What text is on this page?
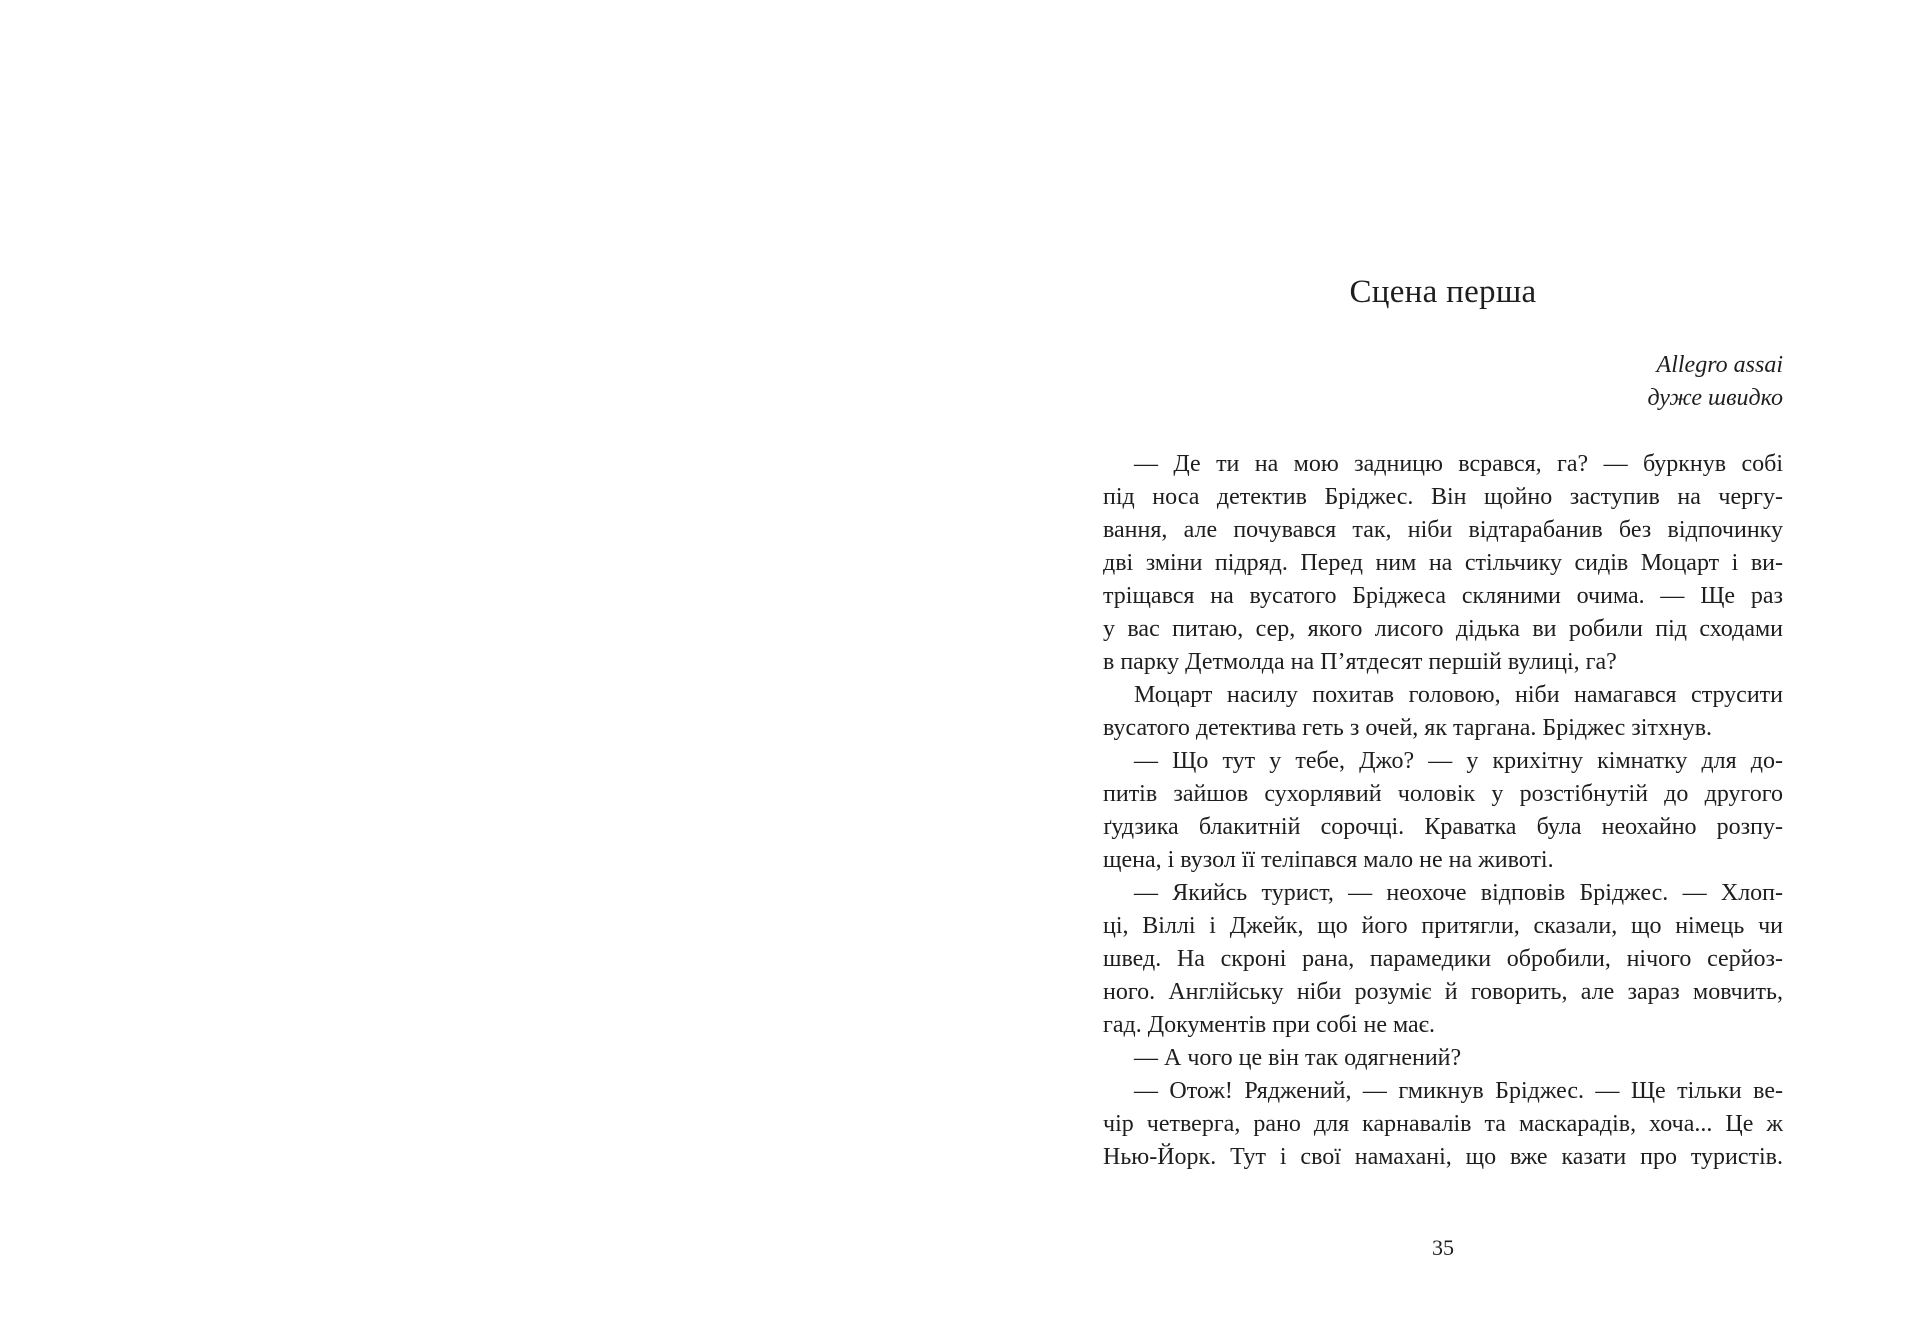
Сцена перша
Allegro assai
дуже швидко
— Де ти на мою задницю всрався, га? — буркнув собі
під носа детектив Бріджес. Він щойно заступив на чергу-
вання, але почувався так, ніби відтарабанив без відпочинку
дві зміни підряд. Перед ним на стільчику сидів Моцарт і ви-
тріщався на вусатого Бріджеса скляними очима. — Ще раз
у вас питаю, сер, якого лисого дідька ви робили під сходами
в парку Детмолда на П’ятдесят першій вулиці, га?
Моцарт насилу похитав головою, ніби намагався струсити
вусатого детектива геть з очей, як таргана. Бріджес зітхнув.
— Що тут у тебе, Джо? — у крихітну кімнатку для до-
питів зайшов сухорлявий чоловік у розстібнутій до другого
ґудзика блакитній сорочці. Краватка була неохайно розпу-
щена, і вузол її теліпався мало не на животі.
— Якийсь турист, — неохоче відповів Бріджес. — Хлоп-
ці, Віллі і Джейк, що його притягли, сказали, що німець чи
швед. На скроні рана, парамедики обробили, нічого серйоз-
ного. Англійську ніби розуміє й говорить, але зараз мовчить,
гад. Документів при собі не має.
— А чого це він так одягнений?
— Отож! Ряджений, — гмикнув Бріджес. — Ще тільки ве-
чір четверга, рано для карнавалів та маскарадів, хоча... Це ж
Нью-Йорк. Тут і свої намахані, що вже казати про туристів.
35
